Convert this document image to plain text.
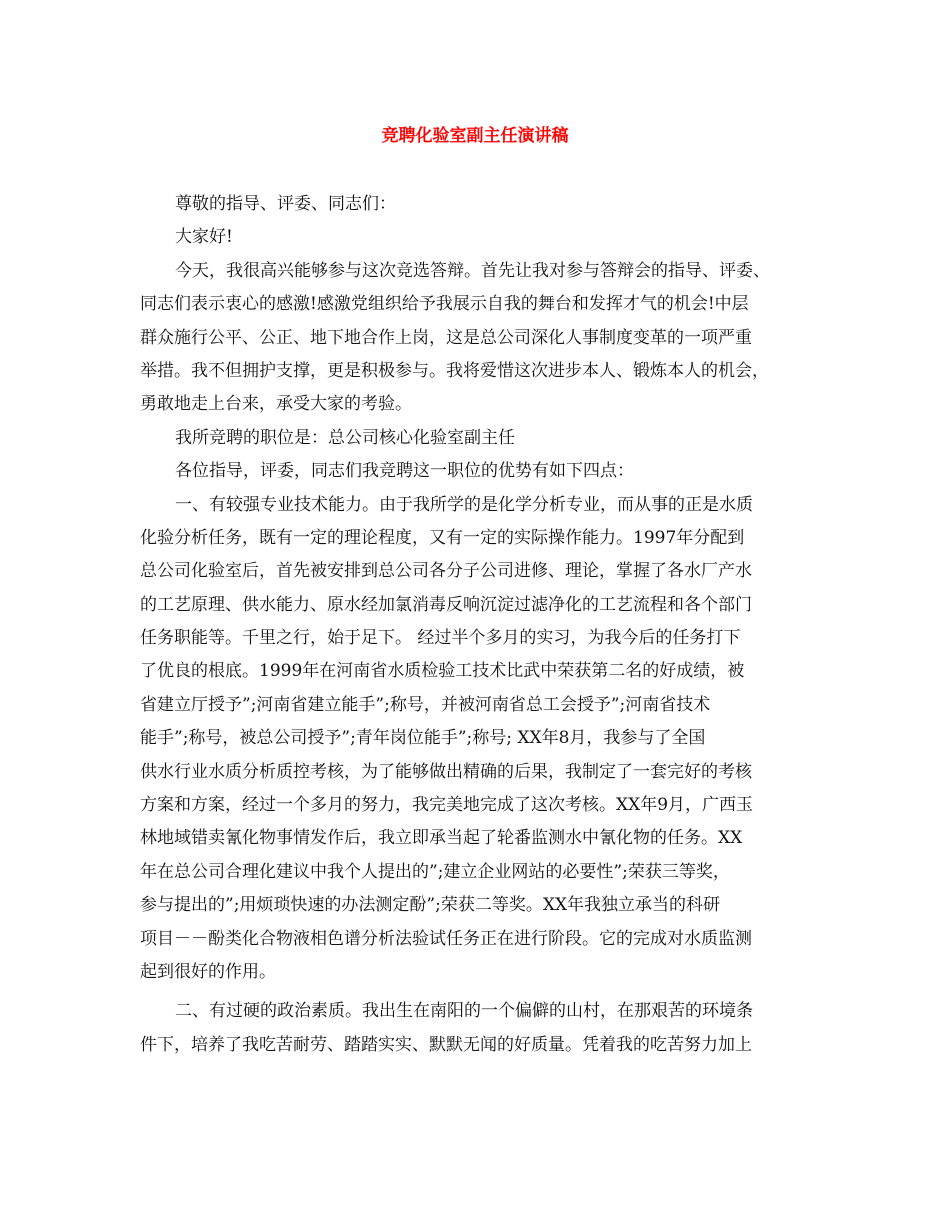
竞聘化验室副主任演讲稿
尊敬的指导、评委、同志们：
大家好!
今天，我很高兴能够参与这次竞选答辩。首先让我对参与答辩会的指导、评委、
同志们表示衷心的感激!感激党组织给予我展示自我的舞台和发挥才气的机会!中层
群众施行公平、公正、地下地合作上岗，这是总公司深化人事制度变革的一项严重
举措。我不但拥护支撑，更是积极参与。我将爱惜这次进步本人、锻炼本人的机会，
勇敢地走上台来，承受大家的考验。
我所竞聘的职位是：总公司核心化验室副主任
各位指导，评委，同志们我竞聘这一职位的优势有如下四点：
一、有较强专业技术能力。由于我所学的是化学分析专业，而从事的正是水质
化验分析任务，既有一定的理论程度，又有一定的实际操作能力。1997年分配到
总公司化验室后，首先被安排到总公司各分子公司进修、理论，掌握了各水厂产水
的工艺原理、供水能力、原水经加氯消毒反响沉淀过滤净化的工艺流程和各个部门
任务职能等。千里之行，始于足下。 经过半个多月的实习，为我今后的任务打下
了优良的根底。1999年在河南省水质检验工技术比武中荣获第二名的好成绩，被
省建立厅授予”;河南省建立能手”;称号，并被河南省总工会授予”;河南省技术
能手”;称号，被总公司授予”;青年岗位能手”;称号; XX年8月，我参与了全国
供水行业水质分析质控考核，为了能够做出精确的后果，我制定了一套完好的考核
方案和方案，经过一个多月的努力，我完美地完成了这次考核。XX年9月，广西玉
林地域错卖氰化物事情发作后，我立即承当起了轮番监测水中氰化物的任务。XX
年在总公司合理化建议中我个人提出的”;建立企业网站的必要性”;荣获三等奖，
参与提出的”;用烦琐快速的办法测定酚”;荣获二等奖。XX年我独立承当的科研
项目－－酚类化合物液相色谱分析法验试任务正在进行阶段。它的完成对水质监测
起到很好的作用。
二、有过硬的政治素质。我出生在南阳的一个偏僻的山村，在那艰苦的环境条
件下，培养了我吃苦耐劳、踏踏实实、默默无闻的好质量。凭着我的吃苦努力加上
